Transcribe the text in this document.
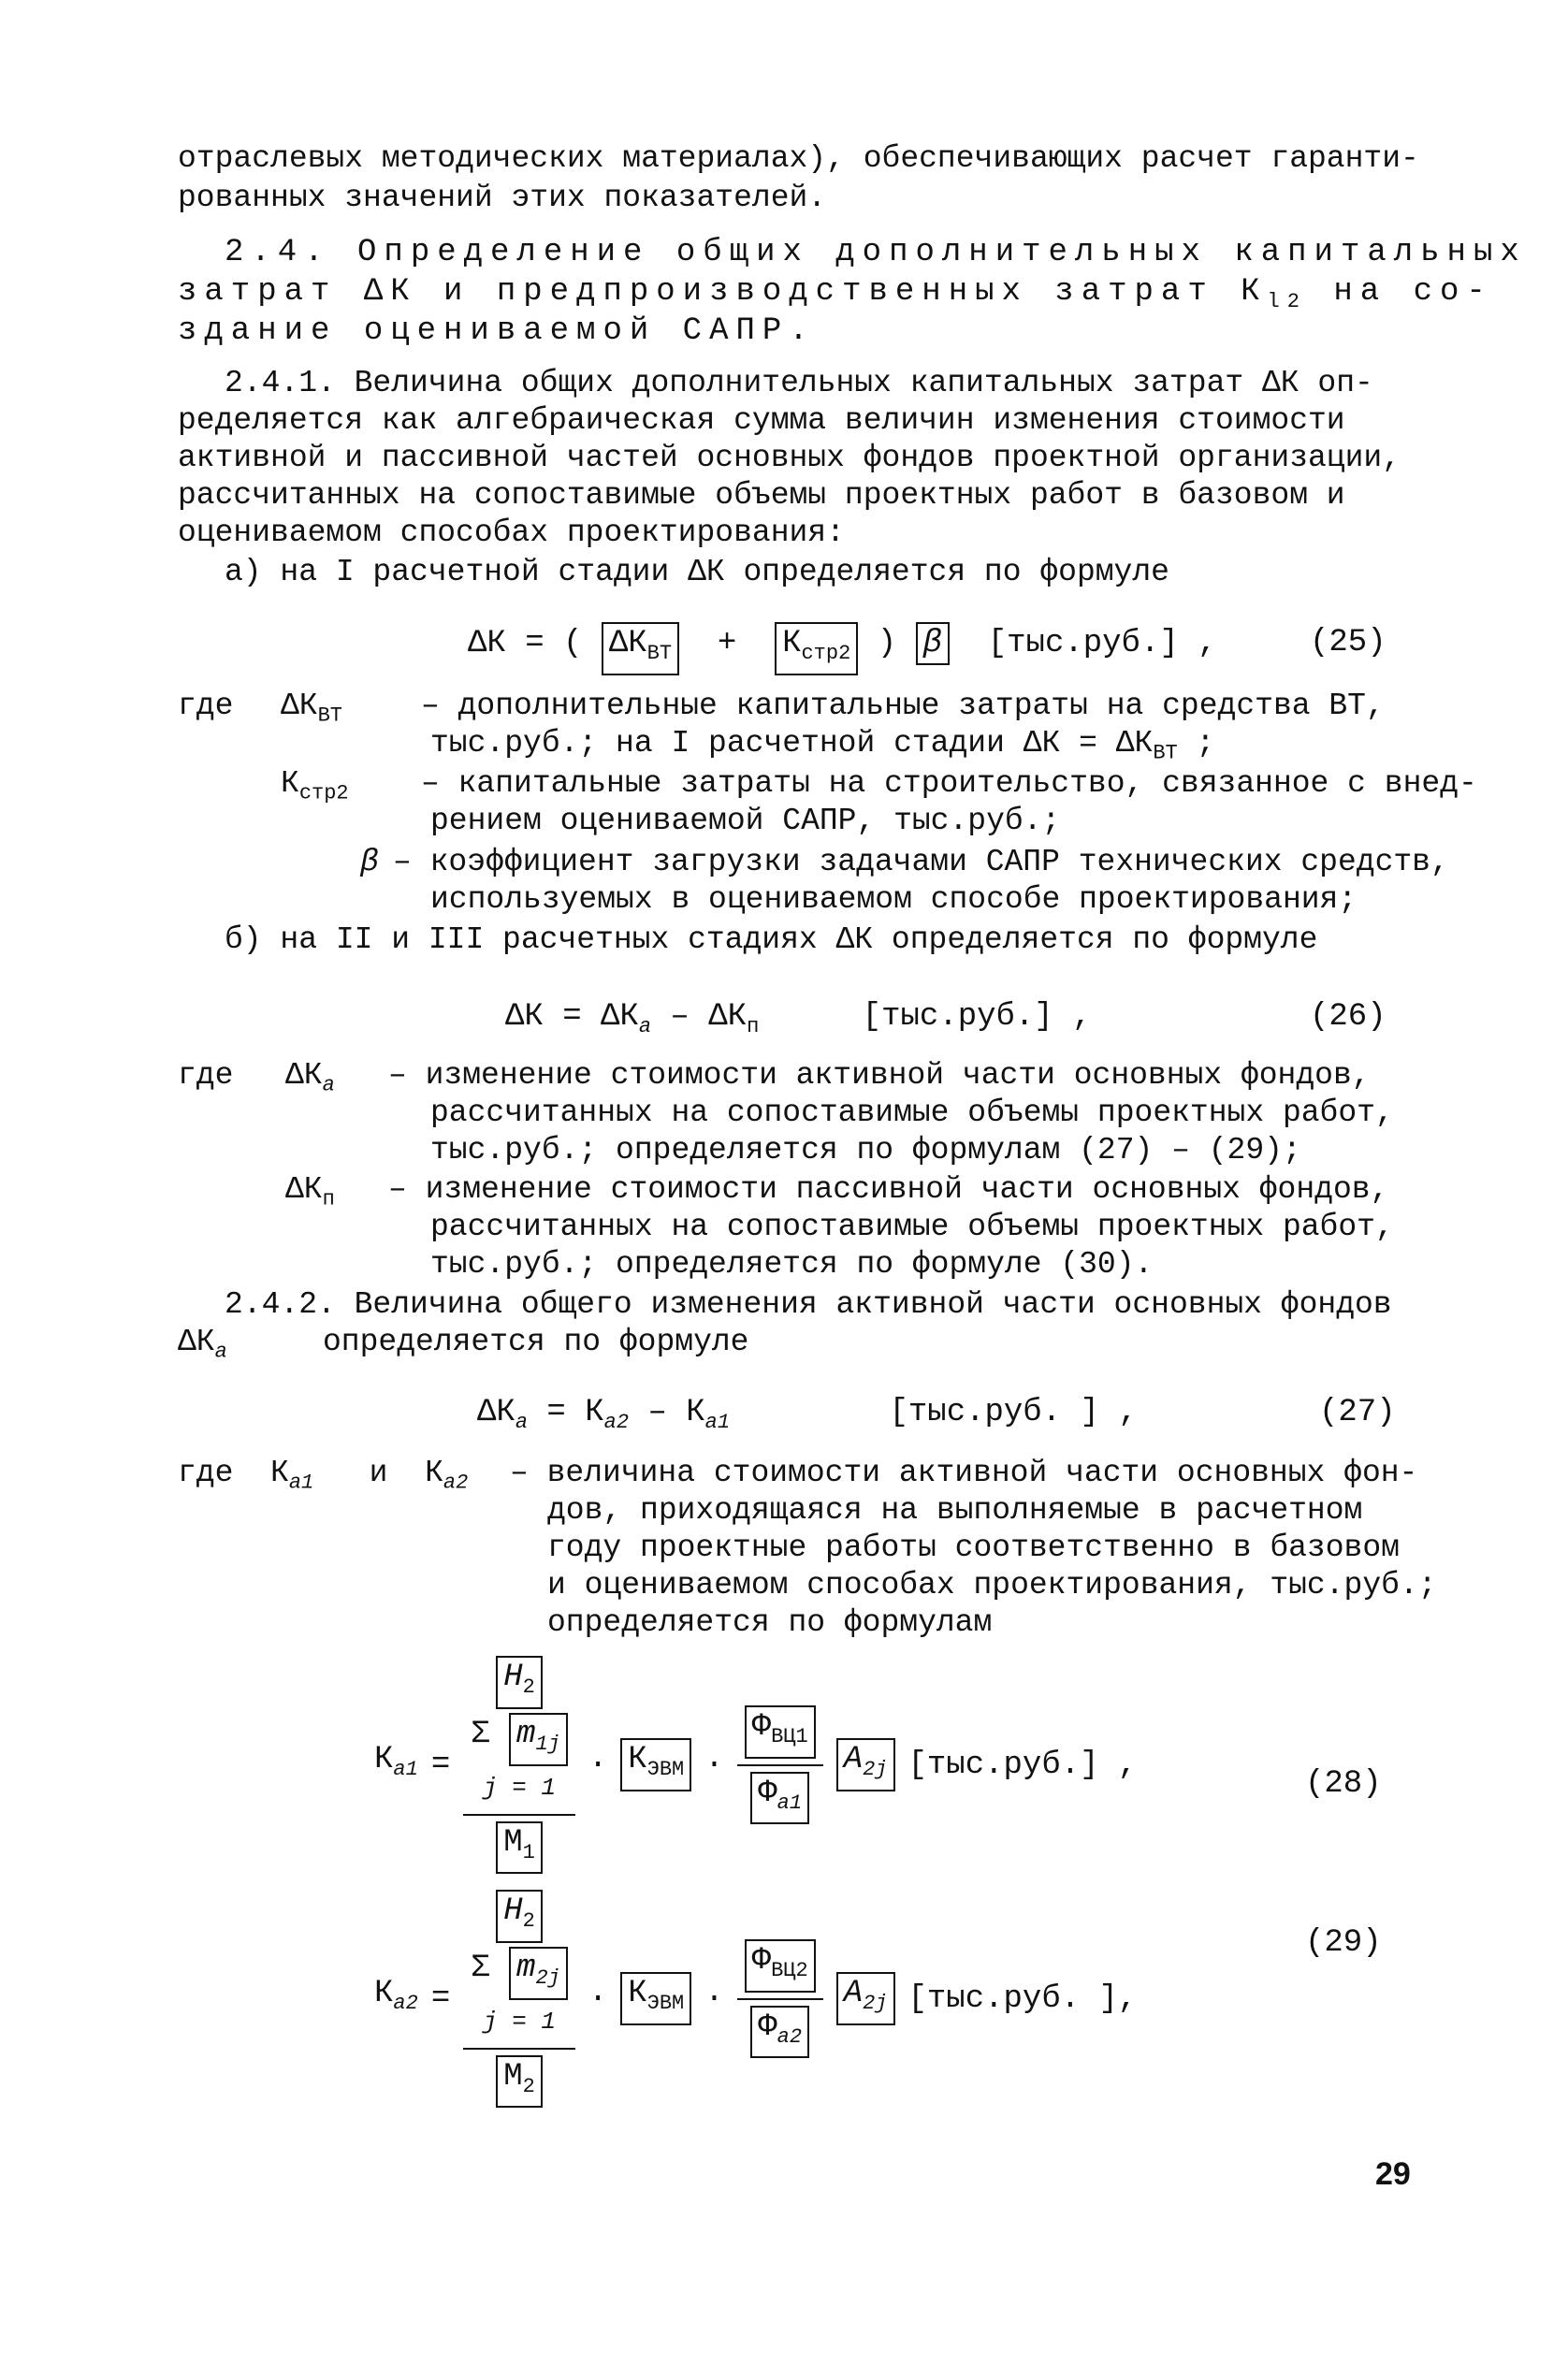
отраслевых методических материалах), обеспечивающих расчет гаранти-
рованных значений этих показателей.
2.4. Определение общих дополнительных капитальных
затрат ΔК и предпроизводственных затрат $К_{l2}$ на со-
здание оцениваемой САПР.
2.4.1. Величина общих дополнительных капитальных затрат ΔК оп-
ределяется как алгебраическая сумма величин изменения стоимости
активной и пассивной частей основных фондов проектной организации,
рассчитанных на сопоставимые объемы проектных работ в базовом и
оцениваемом способах проектирования:
а) на I расчетной стадии ΔК определяется по формуле
ΔК = ( $\Delta К_{ВТ} + К_{стр2}$ ) β [тыс.руб.] ,	(25)
где $\Delta К_{ВТ}$	– дополнительные капитальные затраты на средства ВТ,
тыс.руб.; на I расчетной стадии $\Delta К = \Delta К_{ВТ}$ ;
$К_{стр2}$ – капитальные затраты на строительство, связанное с внед-
рением оцениваемой САПР, тыс.руб.;
β – коэффициент загрузки задачами САПР технических средств,
используемых в оцениваемом способе проектирования;
б) на II и III расчетных стадиях ΔК определяется по формуле
$\Delta К = \Delta К_a - \Delta К_п$	[тыс.руб.] ,	(26)
где $\Delta К_a$ – изменение стоимости активной части основных фондов,
рассчитанных на сопоставимые объемы проектных работ,
тыс.руб.; определяется по формулам (27) – (29);
$\Delta К_п$ – изменение стоимости пассивной части основных фондов,
рассчитанных на сопоставимые объемы проектных работ,
тыс.руб.; определяется по формуле (30).
2.4.2. Величина общего изменения активной части основных фондов
$\Delta К_a$	определяется по формуле
$\Delta К_a = К_{a2} - К_{a1}$	[тыс.руб. ] ,	(27)
где $К_{a1}$ и $К_{a2}$ – величина стоимости активной части основных фон-
дов, приходящаяся на выполняемые в расчетном
году проектные работы соответственно в базовом
и оцениваемом способах проектирования, тыс.руб.;
определяется по формулам
$К_{a1}$ =
$H_2$
Σ $m_{1j}$
j = 1
$M_1$
· $К_{ЭВМ} \cdot \frac{Ф_{ВЦ1}}{Ф_{a1}} A_{2j}$ [тыс.руб.] ,
(28)
$К_{a2}$ =
$H_2$
Σ $m_{2j}$
j = 1
$M_2$
· $К_{ЭВМ} \cdot \frac{Ф_{ВЦ2}}{Ф_{a2}} A_{2j}$ [тыс.руб. ],
(29)
29
